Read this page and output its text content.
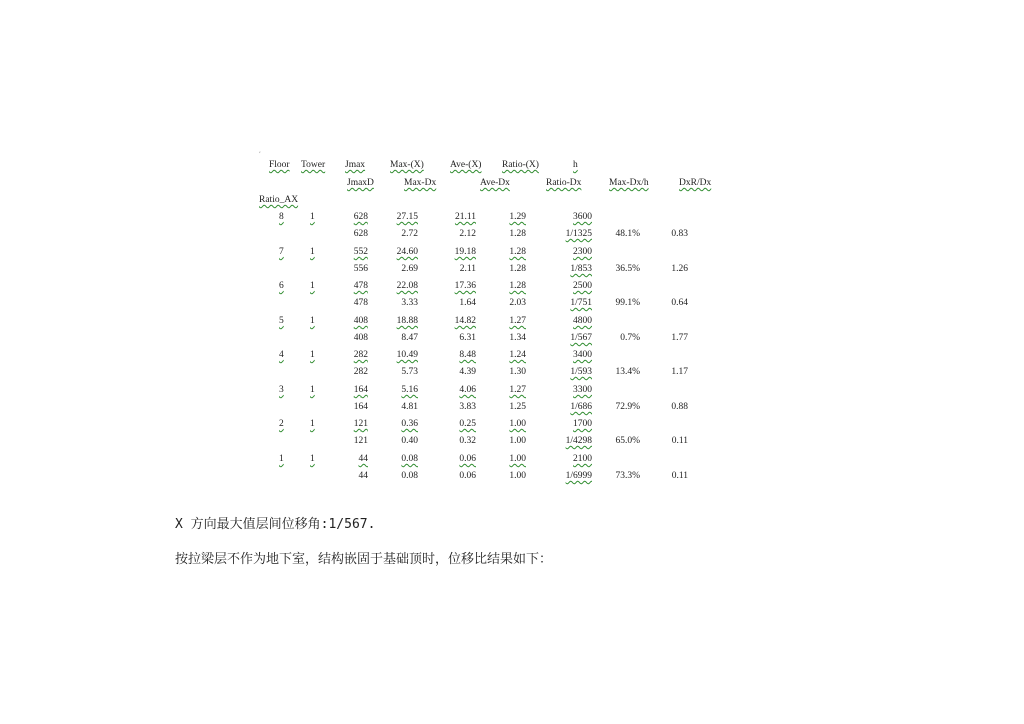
,
Floor Tower Jmax	Max-(X)	Ave-(X) Ratio-(X)	h
JmaxD	Max-Dx	Ave-Dx	Ratio-Dx	Max-Dx/h	DxR/Dx
Ratio_AX
8	1	628	27.15	21.11	1.29	3600
628	2.72	2.12	1.28	1/1325	48.1%	0.83
7	1	552	24.60	19.18	1.28	2300
556	2.69	2.11	1.28	1/853	36.5%	1.26
6	1	478	22.08	17.36	1.28	2500
478	3.33	1.64	2.03	1/751	99.1%	0.64
5	1	408	18.88	14.82	1.27	4800
408	8.47	6.31	1.34	1/567	0.7%	1.77
4	1	282	10.49	8.48	1.24	3400
282	5.73	4.39	1.30	1/593	13.4%	1.17
3	1	164	5.16	4.06	1.27	3300
164	4.81	3.83	1.25	1/686	72.9%	0.88
2	1	121	0.36	0.25	1.00	1700
121	0.40	0.32	1.00	1/4298	65.0%	0.11
1	1	44	0.08	0.06	1.00	2100
44	0.08	0.06	1.00	1/6999	73.3%	0.11
X 方向最大值层间位移角:1/567.
按拉梁层不作为地下室，结构嵌固于基础顶时，位移比结果如下：
